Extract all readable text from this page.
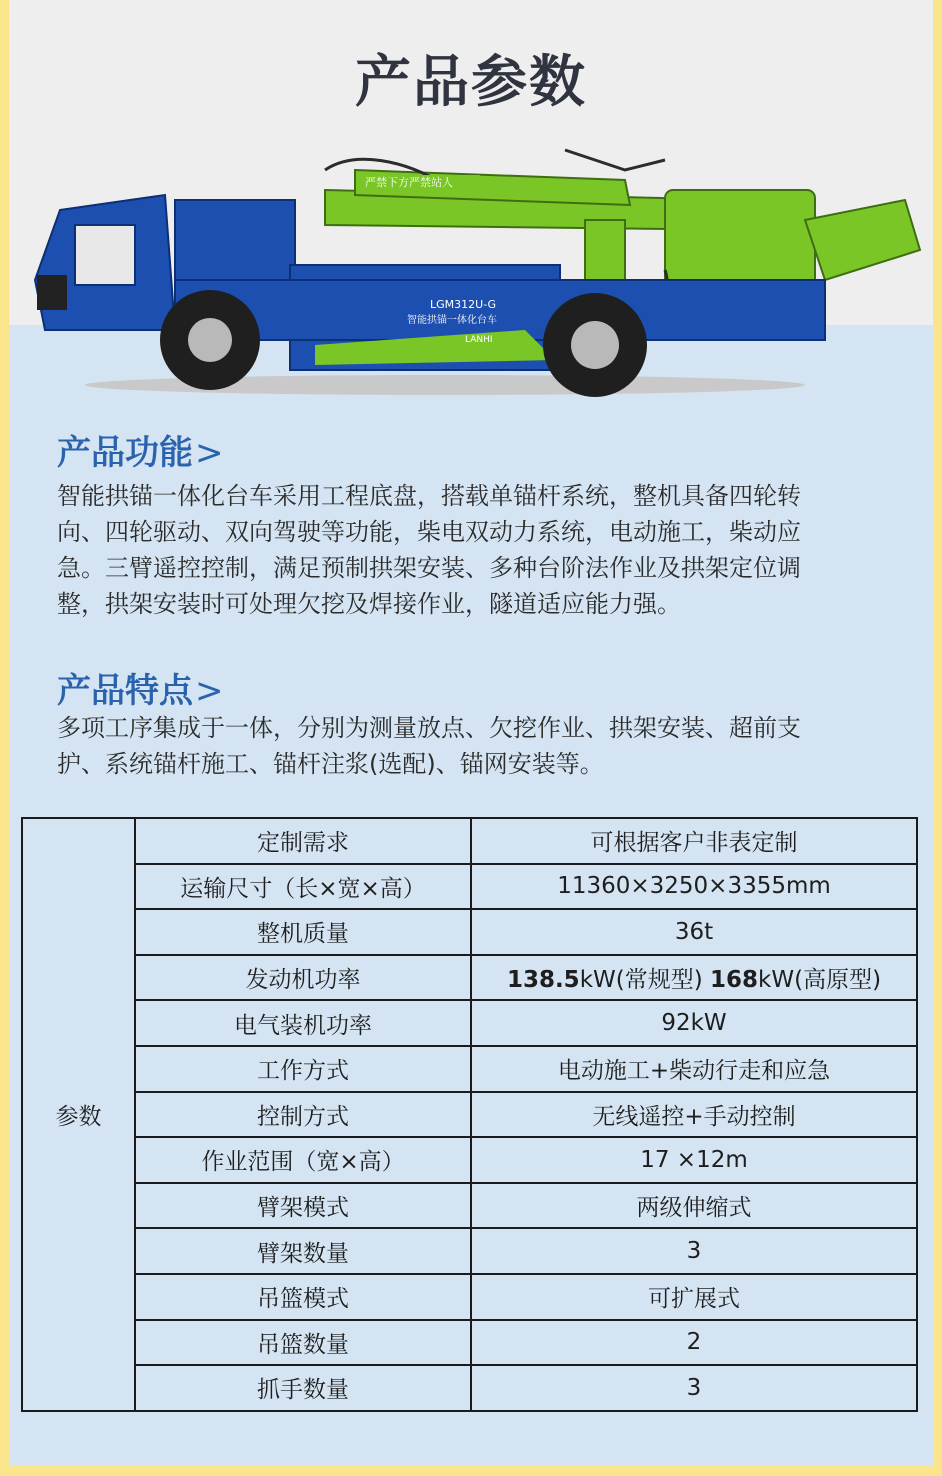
产品参数
严禁下方严禁站人
LGM312U-G
智能拱锚一体化台车
LANHI
产品功能>
智能拱锚一体化台车采用工程底盘，搭载单锚杆系统，整机具备四轮转
向、四轮驱动、双向驾驶等功能，柴电双动力系统，电动施工，柴动应
急。三臂遥控控制，满足预制拱架安装、多种台阶法作业及拱架定位调
整，拱架安装时可处理欠挖及焊接作业，隧道适应能力强。
产品特点>
多项工序集成于一体，分别为测量放点、欠挖作业、拱架安装、超前支
护、系统锚杆施工、锚杆注浆(选配)、锚网安装等。
参数	定制需求	可根据客户非表定制
	运输尺寸（长×宽×高）	11360×3250×3355mm
	整机质量	36t
	发动机功率	138.5kW(常规型) 168kW(高原型)
	电气装机功率	92kW
	工作方式	电动施工+柴动行走和应急
	控制方式	无线遥控+手动控制
	作业范围（宽×高）	17 ×12m
	臂架模式	两级伸缩式
	臂架数量	3
	吊篮模式	可扩展式
	吊篮数量	2
	抓手数量	3
